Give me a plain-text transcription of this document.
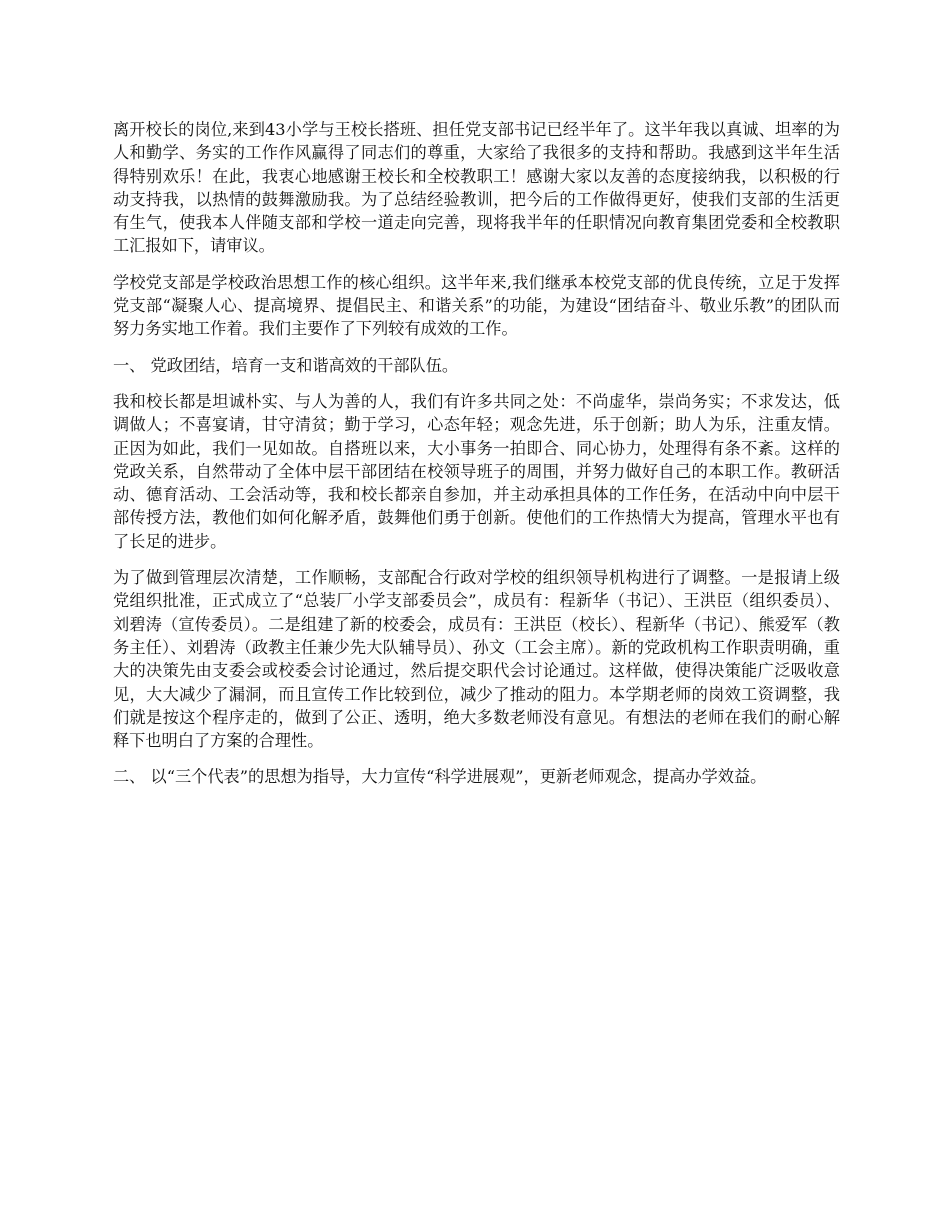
离开校长的岗位,来到43小学与王校长搭班、担任党支部书记已经半年了。这半年我以真诚、坦率的为人和勤学、务实的工作作风赢得了同志们的尊重，大家给了我很多的支持和帮助。我感到这半年生活得特别欢乐！在此，我衷心地感谢王校长和全校教职工！感谢大家以友善的态度接纳我，以积极的行动支持我，以热情的鼓舞激励我。为了总结经验教训，把今后的工作做得更好，使我们支部的生活更有生气，使我本人伴随支部和学校一道走向完善，现将我半年的任职情况向教育集团党委和全校教职工汇报如下，请审议。

学校党支部是学校政治思想工作的核心组织。这半年来,我们继承本校党支部的优良传统，立足于发挥党支部“凝聚人心、提高境界、提倡民主、和谐关系”的功能，为建设“团结奋斗、敬业乐教”的团队而努力务实地工作着。我们主要作了下列较有成效的工作。

一、 党政团结，培育一支和谐高效的干部队伍。

我和校长都是坦诚朴实、与人为善的人，我们有许多共同之处：不尚虚华，崇尚务实；不求发达，低调做人；不喜宴请，甘守清贫；勤于学习，心态年轻；观念先进，乐于创新；助人为乐，注重友情。正因为如此，我们一见如故。自搭班以来，大小事务一拍即合、同心协力，处理得有条不紊。这样的党政关系，自然带动了全体中层干部团结在校领导班子的周围，并努力做好自己的本职工作。教研活动、德育活动、工会活动等，我和校长都亲自参加，并主动承担具体的工作任务，在活动中向中层干部传授方法，教他们如何化解矛盾，鼓舞他们勇于创新。使他们的工作热情大为提高，管理水平也有了长足的进步。

为了做到管理层次清楚，工作顺畅，支部配合行政对学校的组织领导机构进行了调整。一是报请上级党组织批准，正式成立了“总装厂小学支部委员会”，成员有：程新华（书记）、王洪臣（组织委员）、刘碧涛（宣传委员）。二是组建了新的校委会，成员有：王洪臣（校长）、程新华（书记）、熊爱军（教务主任）、刘碧涛（政教主任兼少先大队辅导员）、孙文（工会主席）。新的党政机构工作职责明确，重大的决策先由支委会或校委会讨论通过，然后提交职代会讨论通过。这样做，使得决策能广泛吸收意见，大大减少了漏洞，而且宣传工作比较到位，减少了推动的阻力。本学期老师的岗效工资调整，我们就是按这个程序走的，做到了公正、透明，绝大多数老师没有意见。有想法的老师在我们的耐心解释下也明白了方案的合理性。

二、 以“三个代表”的思想为指导，大力宣传“科学进展观”，更新老师观念，提高办学效益。
